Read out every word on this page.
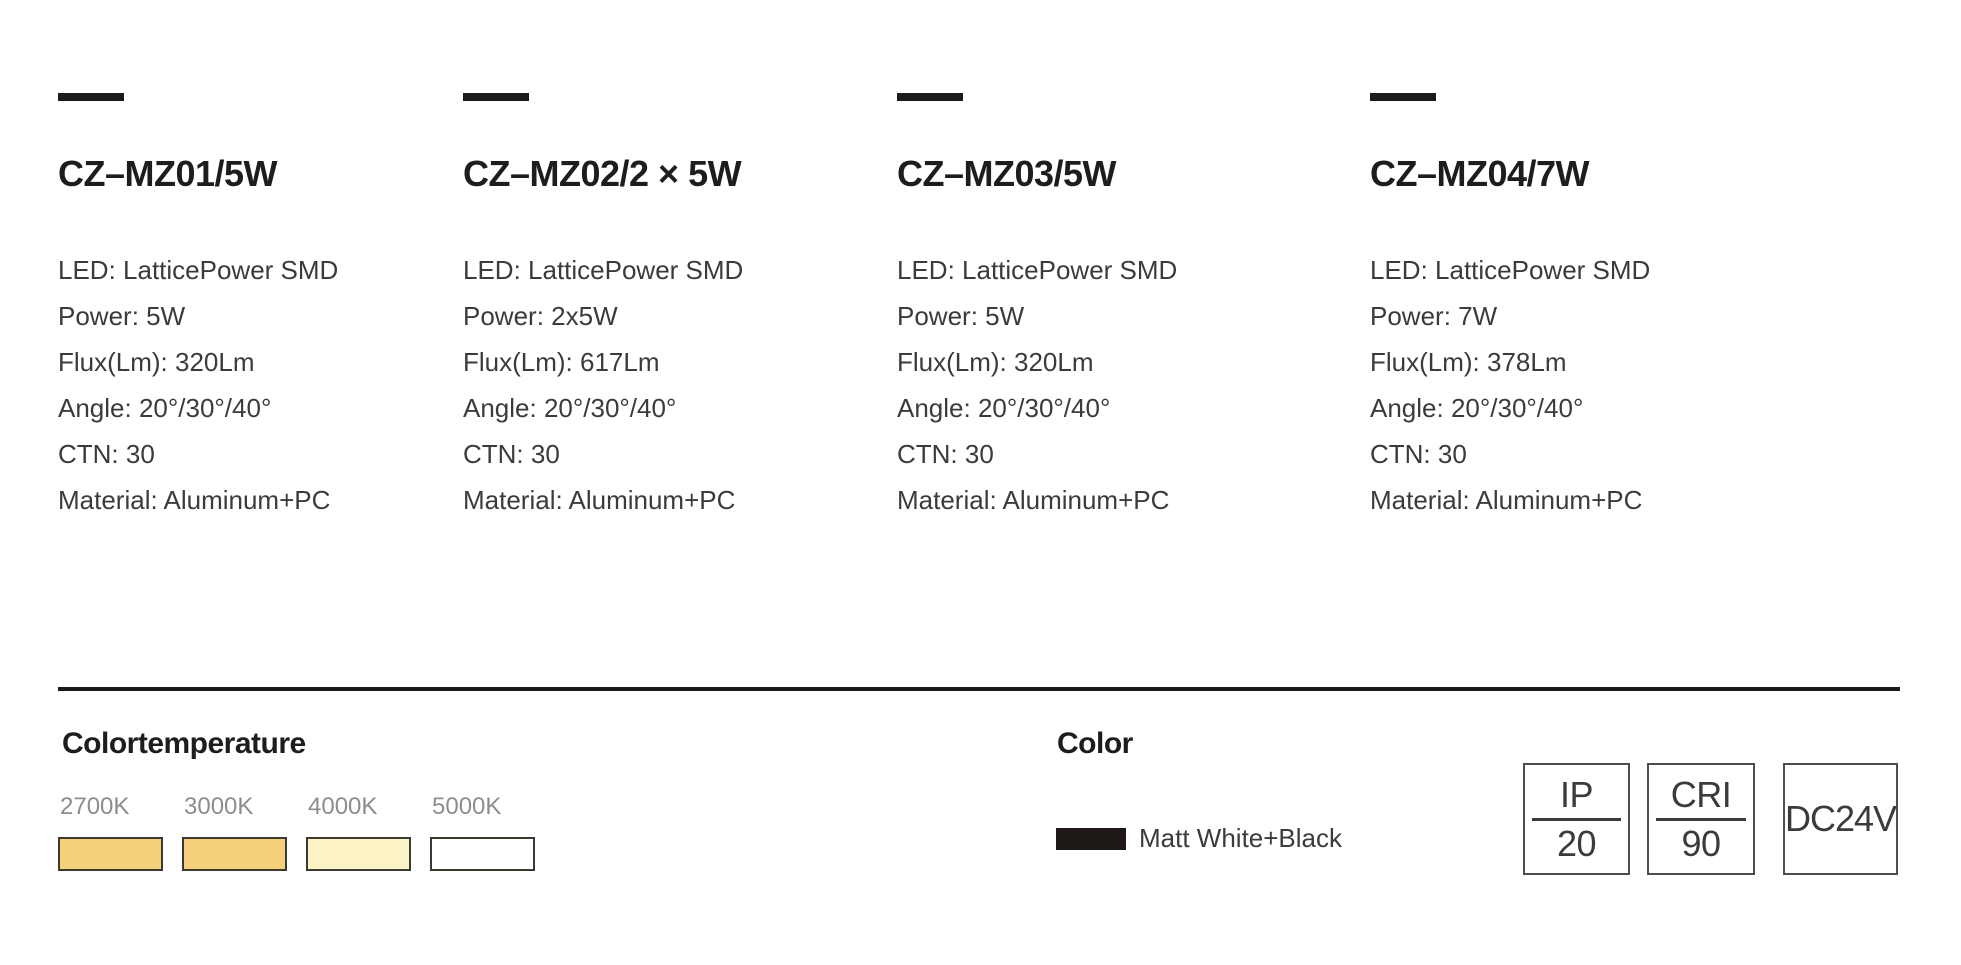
CZ–MZ01/5W
LED: LatticePower SMD
Power: 5W
Flux(Lm): 320Lm
Angle: 20°/30°/40°
CTN: 30
Material: Aluminum+PC
CZ–MZ02/2 × 5W
LED: LatticePower SMD
Power: 2x5W
Flux(Lm): 617Lm
Angle: 20°/30°/40°
CTN: 30
Material: Aluminum+PC
CZ–MZ03/5W
LED: LatticePower SMD
Power: 5W
Flux(Lm): 320Lm
Angle: 20°/30°/40°
CTN: 30
Material: Aluminum+PC
CZ–MZ04/7W
LED: LatticePower SMD
Power: 7W
Flux(Lm): 378Lm
Angle: 20°/30°/40°
CTN: 30
Material: Aluminum+PC
Colortemperature
2700K	3000K	4000K	5000K
Color
Matt White+Black
IP
20
CRI
90
DC24V
